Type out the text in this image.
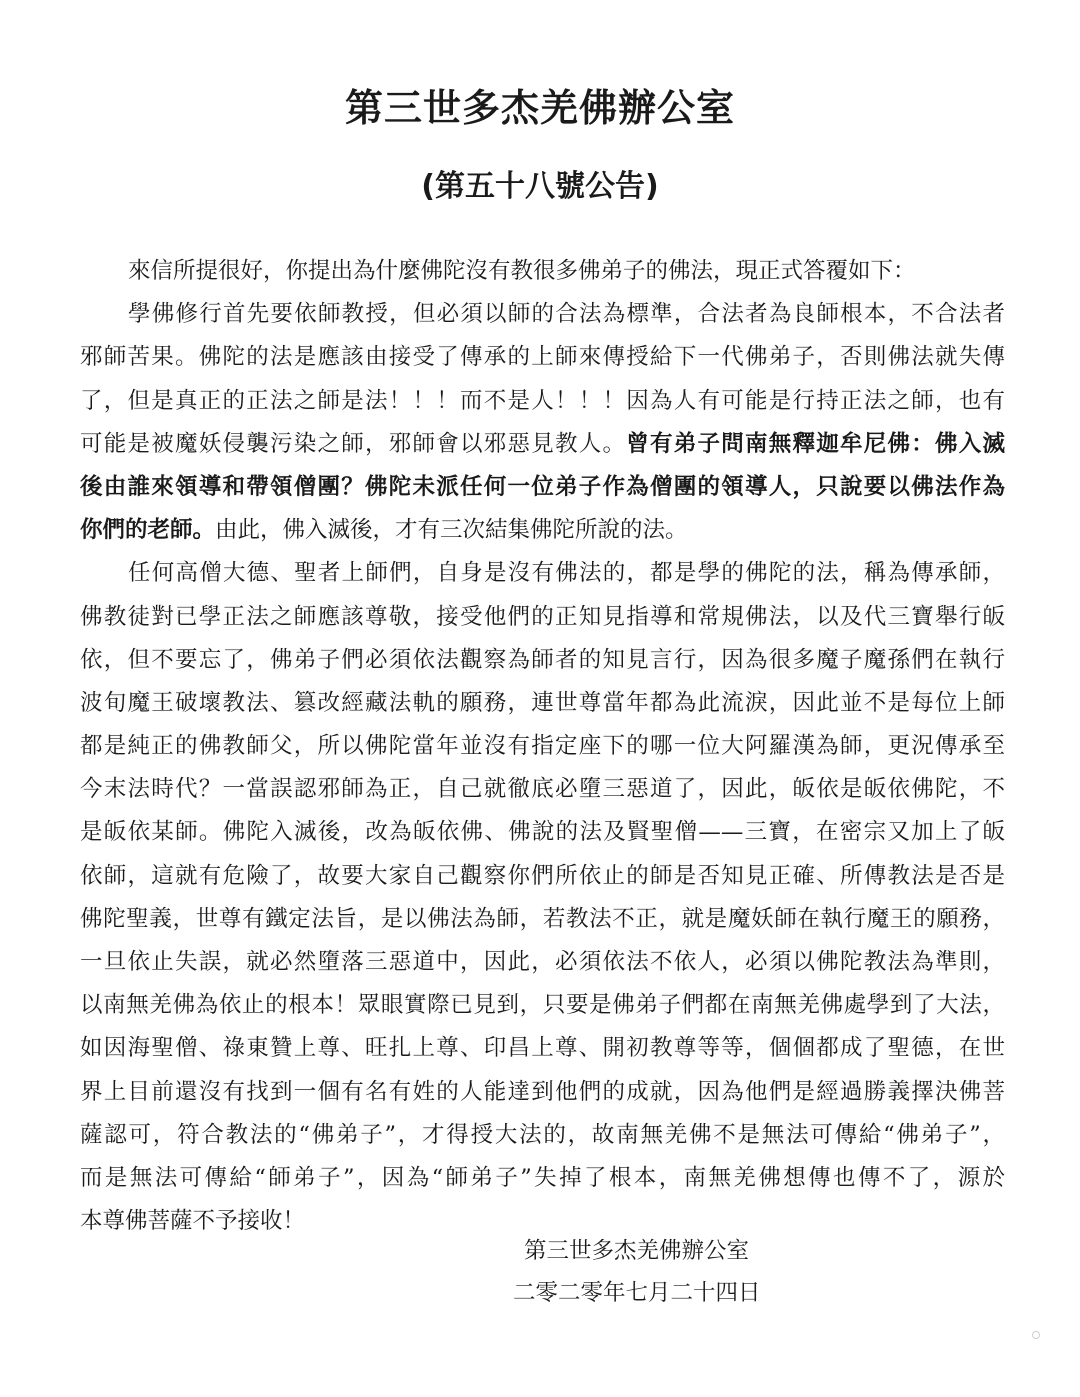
第三世多杰羌佛辦公室
(第五十八號公告)
來信所提很好，你提出為什麼佛陀沒有教很多佛弟子的佛法，現正式答覆如下：
學佛修行首先要依師教授，但必須以師的合法為標準，合法者為良師根本，不合法者
邪師苦果。佛陀的法是應該由接受了傳承的上師來傳授給下一代佛弟子，否則佛法就失傳
了，但是真正的正法之師是法！！！而不是人！！！因為人有可能是行持正法之師，也有
可能是被魔妖侵襲污染之師，邪師會以邪惡見教人。曾有弟子問南無釋迦牟尼佛：佛入滅
後由誰來領導和帶領僧團？佛陀未派任何一位弟子作為僧團的領導人，只說要以佛法作為
你們的老師。由此，佛入滅後，才有三次結集佛陀所說的法。
任何高僧大德、聖者上師們，自身是沒有佛法的，都是學的佛陀的法，稱為傳承師，
佛教徒對已學正法之師應該尊敬，接受他們的正知見指導和常規佛法，以及代三寶舉行皈
依，但不要忘了，佛弟子們必須依法觀察為師者的知見言行，因為很多魔子魔孫們在執行
波旬魔王破壞教法、篡改經藏法軌的願務，連世尊當年都為此流淚，因此並不是每位上師
都是純正的佛教師父，所以佛陀當年並沒有指定座下的哪一位大阿羅漢為師，更況傳承至
今末法時代？一當誤認邪師為正，自己就徹底必墮三惡道了，因此，皈依是皈依佛陀，不
是皈依某師。佛陀入滅後，改為皈依佛、佛說的法及賢聖僧——三寶，在密宗又加上了皈
依師，這就有危險了，故要大家自己觀察你們所依止的師是否知見正確、所傳教法是否是
佛陀聖義，世尊有鐵定法旨，是以佛法為師，若教法不正，就是魔妖師在執行魔王的願務，
一旦依止失誤，就必然墮落三惡道中，因此，必須依法不依人，必須以佛陀教法為準則，
以南無羌佛為依止的根本！眾眼實際已見到，只要是佛弟子們都在南無羌佛處學到了大法，
如因海聖僧、祿東贊上尊、旺扎上尊、印昌上尊、開初教尊等等，個個都成了聖德，在世
界上目前還沒有找到一個有名有姓的人能達到他們的成就，因為他們是經過勝義擇決佛菩
薩認可，符合教法的“佛弟子”，才得授大法的，故南無羌佛不是無法可傳給“佛弟子”，
而是無法可傳給“師弟子”，因為“師弟子”失掉了根本，南無羌佛想傳也傳不了，源於
本尊佛菩薩不予接收！
第三世多杰羌佛辦公室
二零二零年七月二十四日
